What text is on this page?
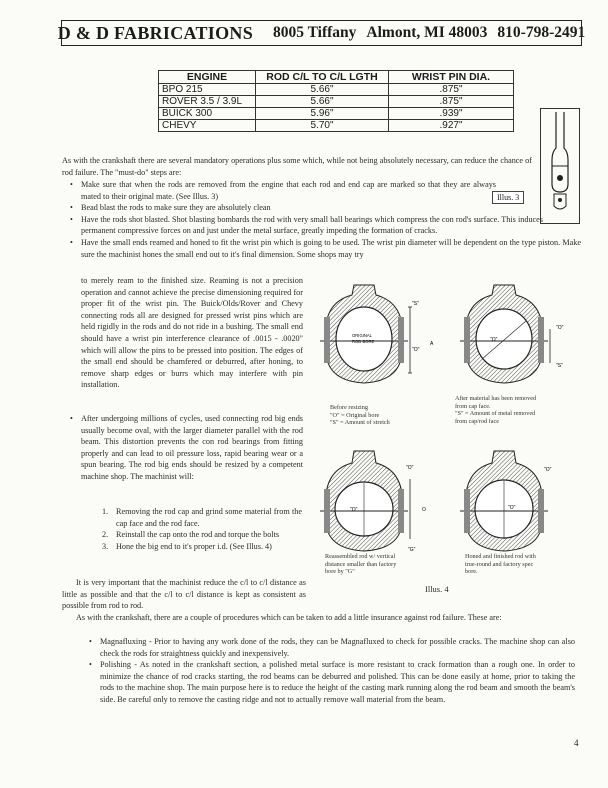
D & D FABRICATIONS 8005 Tiffany Almont, MI 48003 810-798-2491
ENGINE	ROD C/L TO C/L LGTH	WRIST PIN DIA.
BPO 215	5.66"	.875"
ROVER 3.5 / 3.9L	5.66"	.875"
BUICK 300	5.96"	.939"
CHEVY	5.70"	.927"
Illus. 3

As with the crankshaft there are several mandatory operations plus some which, while not being absolutely necessary, can reduce the chance of rod failure. The "must-do" steps are:

• Make sure that when the rods are removed from the engine that each rod and end cap are marked so that they are always mated to their original mate. (See Illus. 3)

• Bead blast the rods to make sure they are absolutely clean

• Have the rods shot blasted. Shot blasting bombards the rod with very small ball bearings which compress the con rod's surface. This induces permanent compressive forces on and just under the metal surface, greatly impeding the formation of cracks.

• Have the small ends reamed and honed to fit the wrist pin which is going to be used. The wrist pin diameter will be dependent on the type piston. Make sure the machinist hones the small end out to it's final dimension. Some shops may try

to merely ream to the finished size. Reaming is not a precision operation and cannot achieve the precise dimensioning required for proper fit of the wrist pin. The Buick/Olds/Rover and Chevy connecting rods all are designed for pressed wrist pins which are held rigidly in the rods and do not ride in a bushing. The small end should have a wrist pin interference clearance of .0015 - .0020" which will allow the pins to be pressed into position. The edges of the small end should be chamfered or deburred, after honing, to remove sharp edges or burrs which may interfere with pin installation.

• After undergoing millions of cycles, used connecting rod big ends usually become oval, with the larger diameter parallel with the rod beam. This distortion prevents the con rod bearings from fitting properly and can lead to oil pressure loss, rapid bearing wear or a spun bearing. The rod big ends should be resized by a competent machine shop. The machinist will:

1. Removing the rod cap and grind some material from the cap face and the rod face.

2. Reinstall the cap onto the rod and torque the bolts

3. Hone the big end to it's proper i.d. (See Illus. 4)

It is very important that the machinist reduce the c/l to c/l distance as little as possible and that the c/l to c/l distance is kept as consistent as possible from rod to rod.

"S"
"O"
A
ORIGINAL
ROD BORE
"O"
"S"
"O"
"O"
O
"O"
"G"
"O"
"O"
Before resizing
"O" = Original bore
"S" = Amount of stretch
After material has been removed
from cap face.
"S" = Amount of metal removed
from cap/rod face
Reassembled rod w/ vertical
distance smaller than factory
bore by "G"
Honed and finished rod with
true-round and factory spec
bore.
Illus. 4

As with the crankshaft, there are a couple of procedures which can be taken to add a little insurance against rod failure. These are:

• Magnafluxing - Prior to having any work done of the rods, they can be Magnafluxed to check for possible cracks. The machine shop can also check the rods for straightness quickly and inexpensively.

• Polishing - As noted in the crankshaft section, a polished metal surface is more resistant to crack formation than a rough one. In order to minimize the chance of rod cracks starting, the rod beams can be deburred and polished. This can be done easily at home, prior to taking the rods to the machine shop. The main purpose here is to reduce the height of the casting mark running along the rod beam and smooth the beam's side. Be careful only to remove the casting ridge and not to actually remove wall material from the beam.

4
